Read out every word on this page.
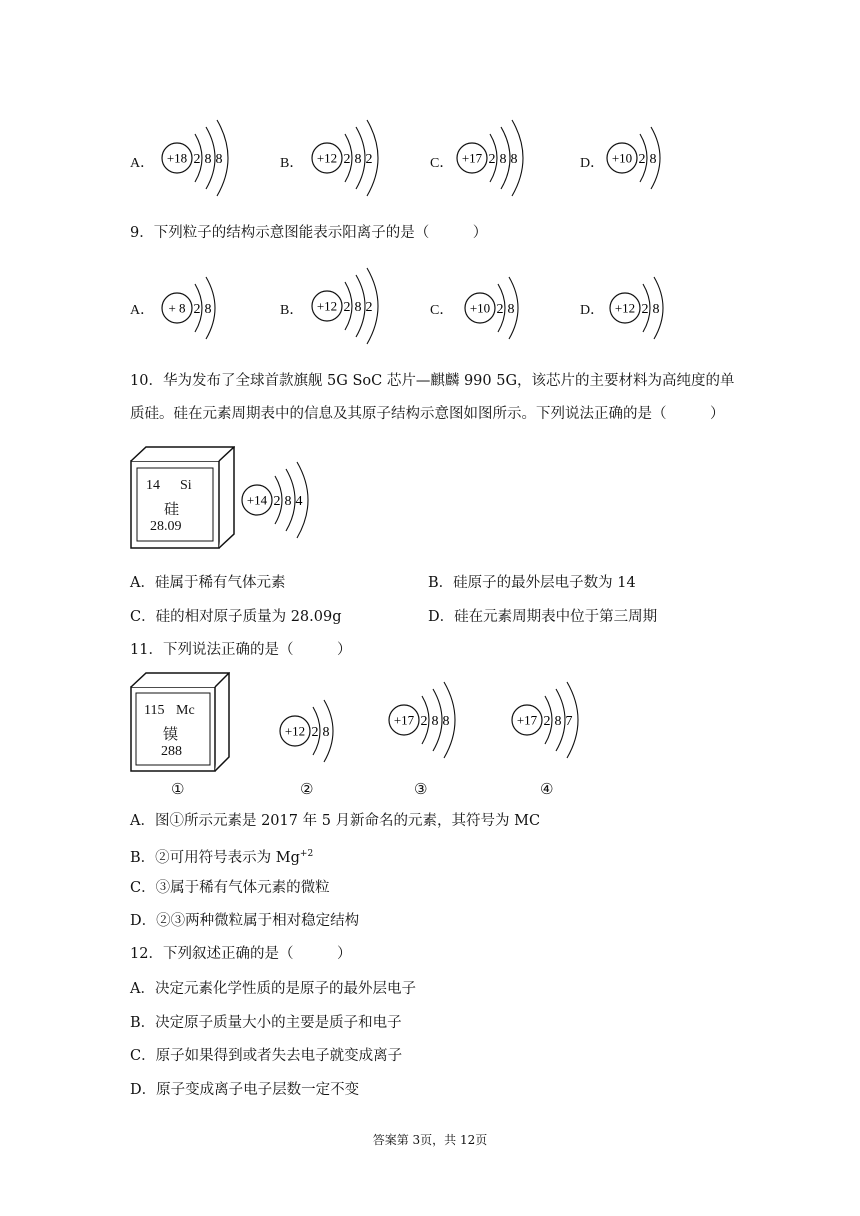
A． +18 2 8 8	B． +12 2 8 2	C． +17 2 8 8	D． +10 2 8
9．下列粒子的结构示意图能表示阳离子的是（　　　）
A． + 8 2 8	B． +12 2 8 2	C． +10 2 8	D． +12 2 8
10．华为发布了全球首款旗舰 5G SoC 芯片—麒麟 990 5G，该芯片的主要材料为高纯度的单
质硅。硅在元素周期表中的信息及其原子结构示意图如图所示。下列说法正确的是（　　　）
14 Si
硅
28.09
+14 2 8 4
A．硅属于稀有气体元素	B．硅原子的最外层电子数为 14
C．硅的相对原子质量为 28.09g	D．硅在元素周期表中位于第三周期
11．下列说法正确的是（　　　）
115 Mc
镆
288
+12 2 8
+17 2 8 8	+17 2 8 7
①	②	③	④
A．图①所示元素是 2017 年 5 月新命名的元素，其符号为 MC
B．②可用符号表示为 $Mg^{+2}$
C．③属于稀有气体元素的微粒
D．②③两种微粒属于相对稳定结构
12．下列叙述正确的是（　　　）
A．决定元素化学性质的是原子的最外层电子
B．决定原子质量大小的主要是质子和电子
C．原子如果得到或者失去电子就变成离子
D．原子变成离子电子层数一定不变
答案第 3页，共 12页
